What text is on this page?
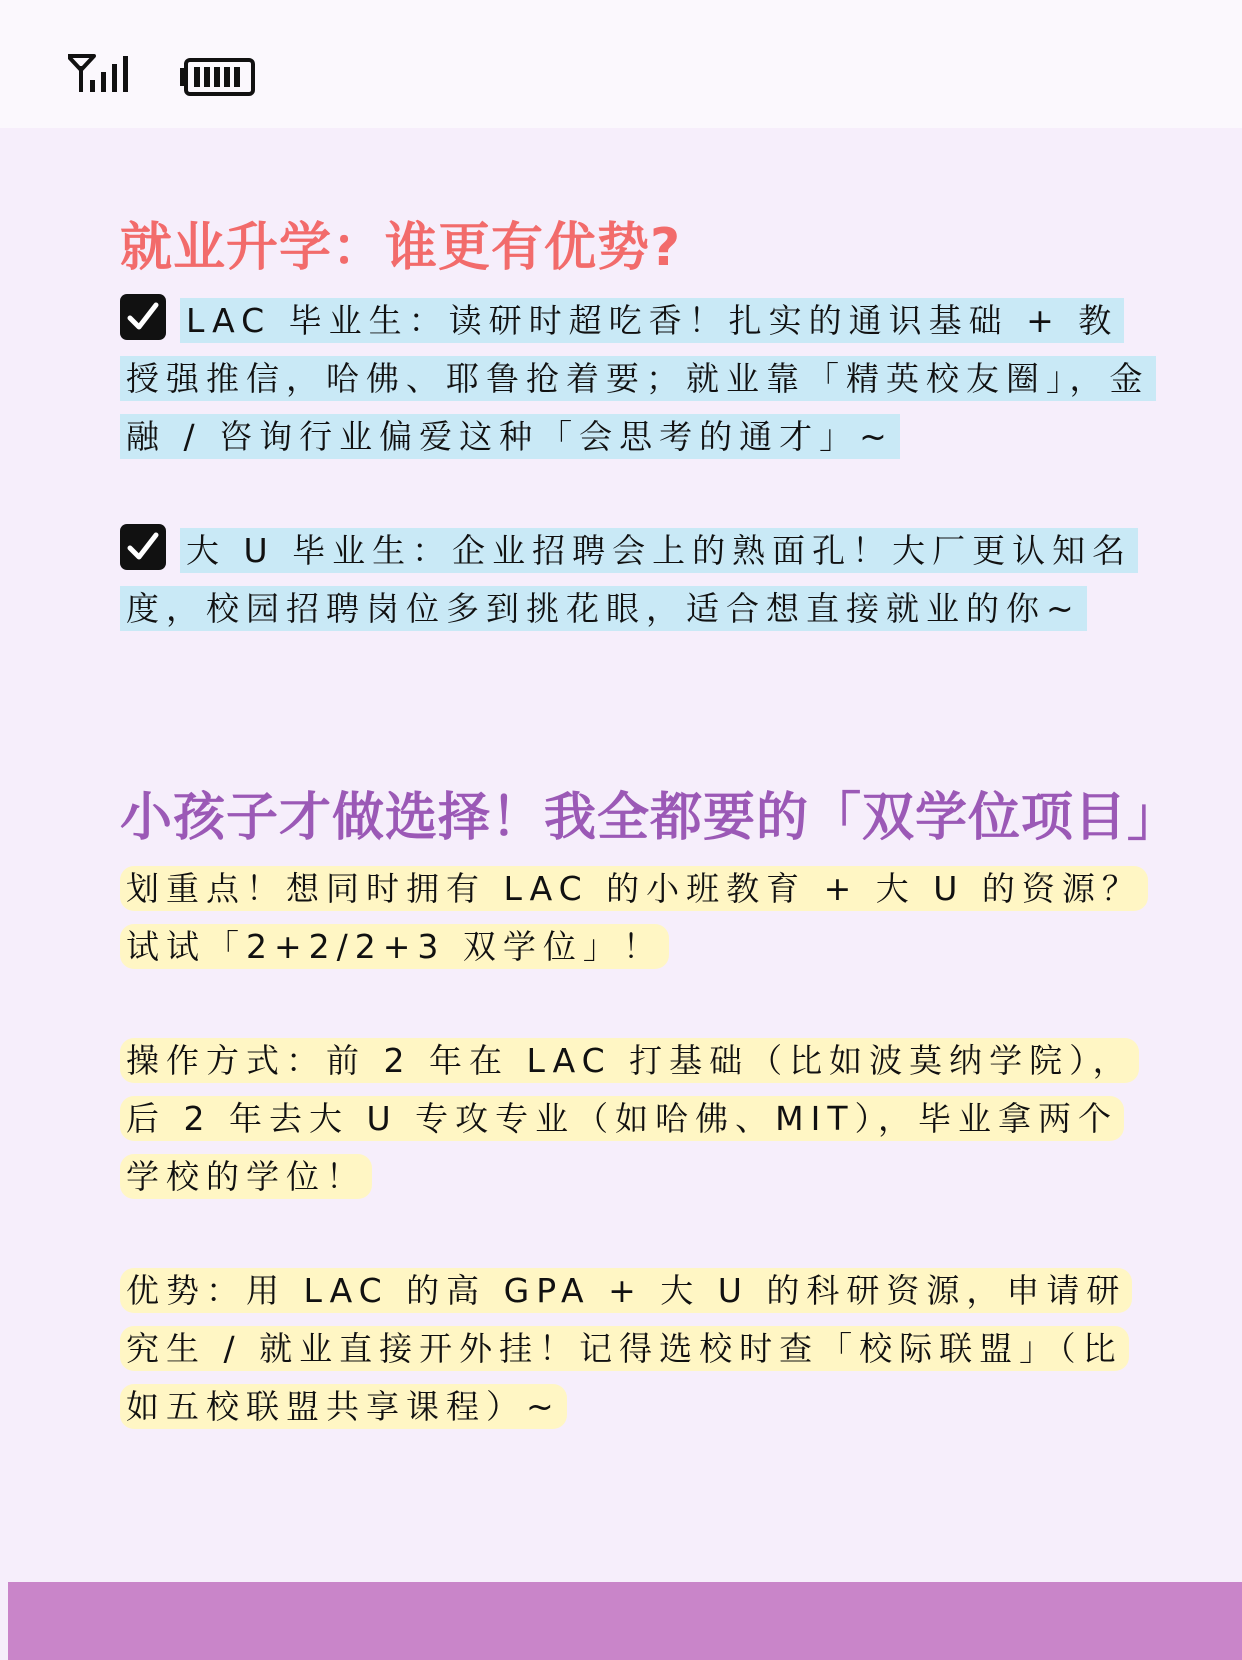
就业升学：谁更有优势?

LAC 毕业生：读研时超吃香！扎实的通识基础 + 教授强推信，哈佛、耶鲁抢着要；就业靠「精英校友圈」，金融 / 咨询行业偏爱这种「会思考的通才」~

大 U 毕业生：企业招聘会上的熟面孔！大厂更认知名度，校园招聘岗位多到挑花眼，适合想直接就业的你~

小孩子才做选择！我全都要的「双学位项目」

划重点！想同时拥有 LAC 的小班教育 + 大 U 的资源？试试「2+2/2+3 双学位」！

操作方式：前 2 年在 LAC 打基础（比如波莫纳学院），后 2 年去大 U 专攻专业（如哈佛、MIT），毕业拿两个学校的学位！

优势：用 LAC 的高 GPA + 大 U 的科研资源，申请研究生 / 就业直接开外挂！记得选校时查「校际联盟」（比如五校联盟共享课程）~
